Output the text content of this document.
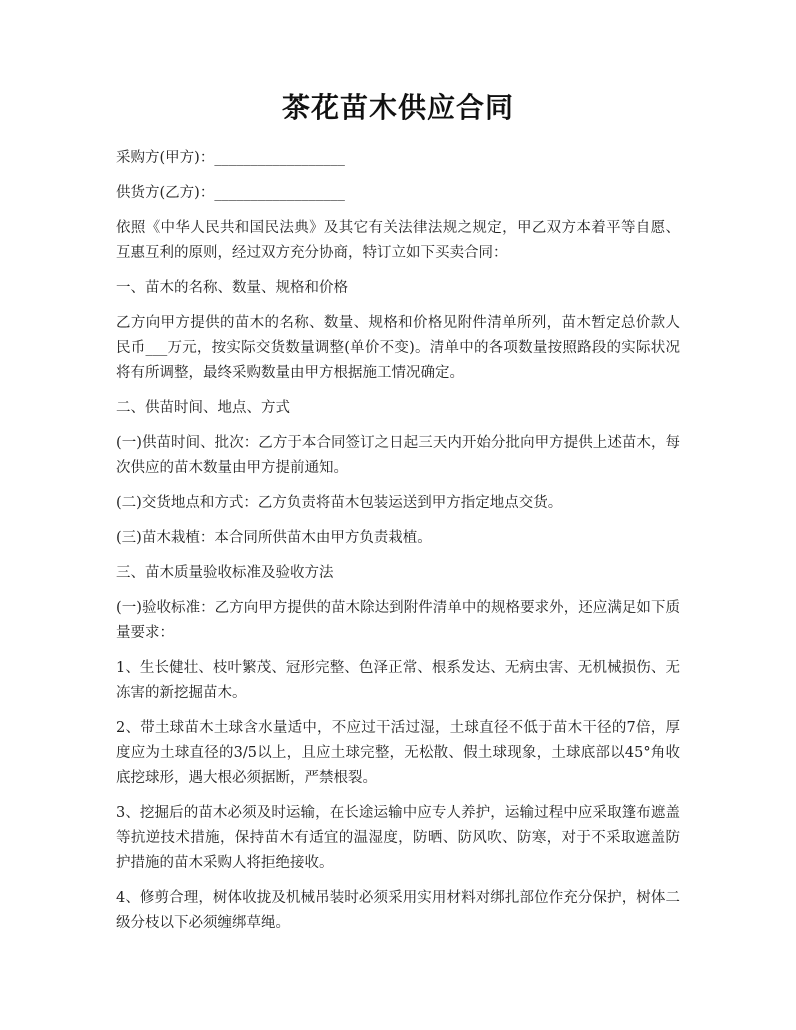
茶花苗木供应合同

采购方(甲方)：__________________

供货方(乙方)：__________________

依照《中华人民共和国民法典》及其它有关法律法规之规定，甲乙双方本着平等自愿、互惠互利的原则，经过双方充分协商，特订立如下买卖合同：

一、苗木的名称、数量、规格和价格

乙方向甲方提供的苗木的名称、数量、规格和价格见附件清单所列，苗木暂定总价款人民币___万元，按实际交货数量调整(单价不变)。清单中的各项数量按照路段的实际状况将有所调整，最终采购数量由甲方根据施工情况确定。

二、供苗时间、地点、方式

(一)供苗时间、批次：乙方于本合同签订之日起三天内开始分批向甲方提供上述苗木，每次供应的苗木数量由甲方提前通知。

(二)交货地点和方式：乙方负责将苗木包装运送到甲方指定地点交货。

(三)苗木栽植：本合同所供苗木由甲方负责栽植。

三、苗木质量验收标准及验收方法

(一)验收标准：乙方向甲方提供的苗木除达到附件清单中的规格要求外，还应满足如下质量要求：

1、生长健壮、枝叶繁茂、冠形完整、色泽正常、根系发达、无病虫害、无机械损伤、无冻害的新挖掘苗木。

2、带土球苗木土球含水量适中，不应过干活过湿，土球直径不低于苗木干径的7倍，厚度应为土球直径的3/5以上，且应土球完整，无松散、假土球现象，土球底部以45°角收底挖球形，遇大根必须据断，严禁根裂。

3、挖掘后的苗木必须及时运输，在长途运输中应专人养护，运输过程中应采取篷布遮盖等抗逆技术措施，保持苗木有适宜的温湿度，防晒、防风吹、防寒，对于不采取遮盖防护措施的苗木采购人将拒绝接收。

4、修剪合理，树体收拢及机械吊装时必须采用实用材料对绑扎部位作充分保护，树体二级分枝以下必须缠绑草绳。
